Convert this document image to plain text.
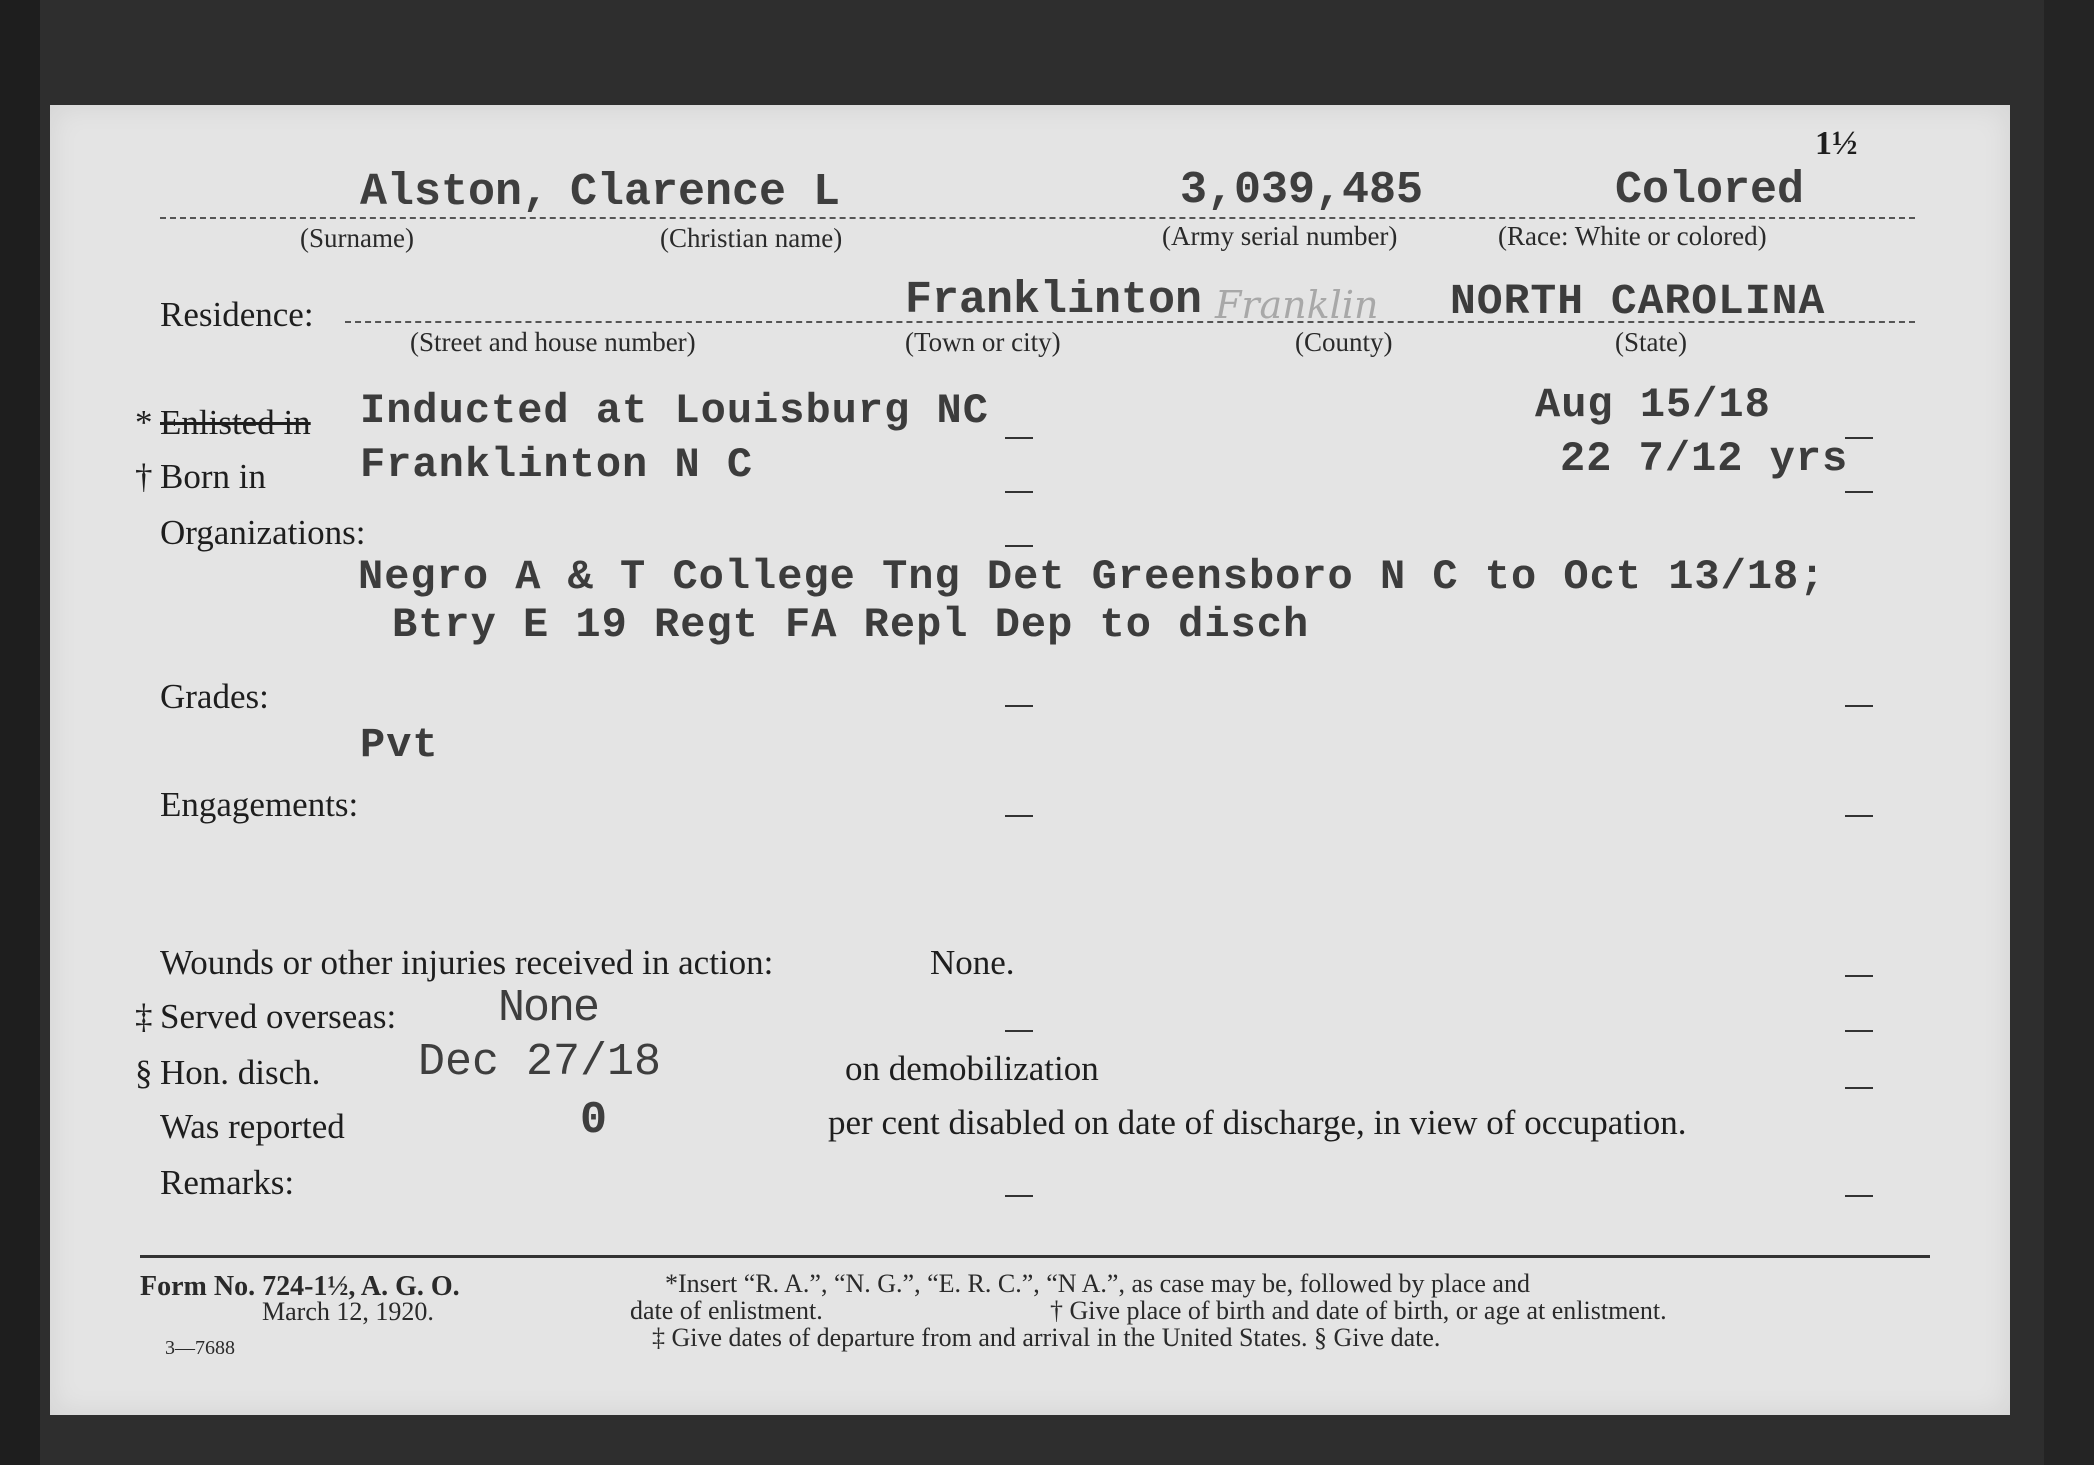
1½
Alston, Clarence L	3,039,485	Colored
(Surname)	(Christian name)	(Army serial number)	(Race: White or colored)
Residence:	Franklinton Franklin NORTH CAROLINA
(Street and house number)	(Town or city)	(County)	(State)
* Enlisted in Inducted at Louisburg NC	Aug 15/18
† Born in Franklinton N C	22 7/12 yrs
Organizations:
Negro A & T College Tng Det Greensboro N C to Oct 13/18;
Btry E 19 Regt FA Repl Dep to disch
Grades:
Pvt
Engagements:
Wounds or other injuries received in action:	None.
‡ Served overseas: None
§ Hon. disch. Dec 27/18	on demobilization
Was reported	0	per cent disabled on date of discharge, in view of occupation.
Remarks:
Form No. 724-1½, A. G. O.
March 12, 1920.
3—7688
*Insert “R. A.”, “N. G.”, “E. R. C.”, “N A.”, as case may be, followed by place and
date of enlistment.	† Give place of birth and date of birth, or age at enlistment.
‡ Give dates of departure from and arrival in the United States. § Give date.
